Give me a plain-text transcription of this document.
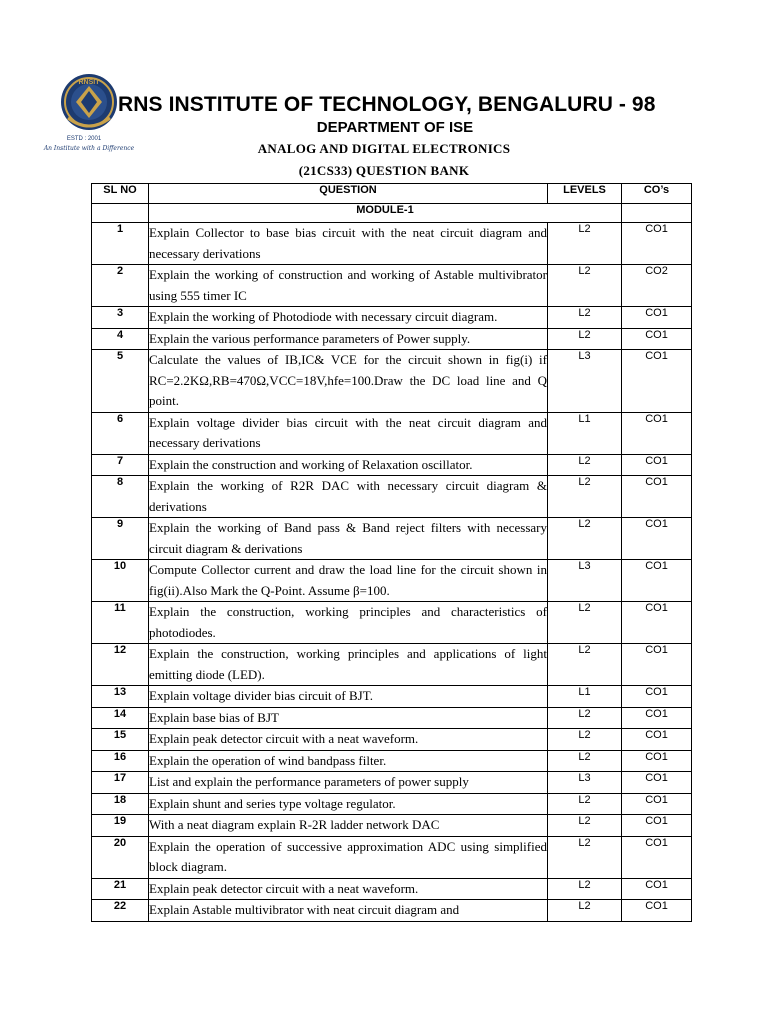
RNSIT
ESTD : 2001
An Institute with a Difference
RNS INSTITUTE OF TECHNOLOGY, BENGALURU - 98
DEPARTMENT OF ISE
ANALOG AND DIGITAL ELECTRONICS
(21CS33) QUESTION BANK
SL NO	QUESTION	LEVELS	CO’s
	MODULE-1		
1	Explain Collector to base bias circuit with the neat circuit diagram and necessary derivations	L2	CO1
2	Explain the working of construction and working of Astable multivibrator using 555 timer IC	L2	CO2
3	Explain the working of Photodiode with necessary circuit diagram.	L2	CO1
4	Explain the various performance parameters of Power supply.	L2	CO1
5	Calculate the values of IB,IC& VCE for the circuit shown in fig(i) if RC=2.2KΩ,RB=470Ω,VCC=18V,hfe=100.Draw the DC load line and Q point.	L3	CO1
6	Explain voltage divider bias circuit with the neat circuit diagram and necessary derivations	L1	CO1
7	Explain the construction and working of Relaxation oscillator.	L2	CO1
8	Explain the working of R2R DAC with necessary circuit diagram & derivations	L2	CO1
9	Explain the working of Band pass & Band reject filters with necessary circuit diagram & derivations	L2	CO1
10	Compute Collector current and draw the load line for the circuit shown in fig(ii).Also Mark the Q-Point. Assume β=100.	L3	CO1
11	Explain the construction, working principles and characteristics of photodiodes.	L2	CO1
12	Explain the construction, working principles and applications of light emitting diode (LED).	L2	CO1
13	Explain voltage divider bias circuit of BJT.	L1	CO1
14	Explain base bias of BJT	L2	CO1
15	Explain peak detector circuit with a neat waveform.	L2	CO1
16	Explain the operation of wind bandpass filter.	L2	CO1
17	List and explain the performance parameters of power supply	L3	CO1
18	Explain shunt and series type voltage regulator.	L2	CO1
19	With a neat diagram explain R-2R ladder network DAC	L2	CO1
20	Explain the operation of successive approximation ADC using simplified block diagram.	L2	CO1
21	Explain peak detector circuit with a neat waveform.	L2	CO1
22	Explain Astable multivibrator with neat circuit diagram and	L2	CO1
